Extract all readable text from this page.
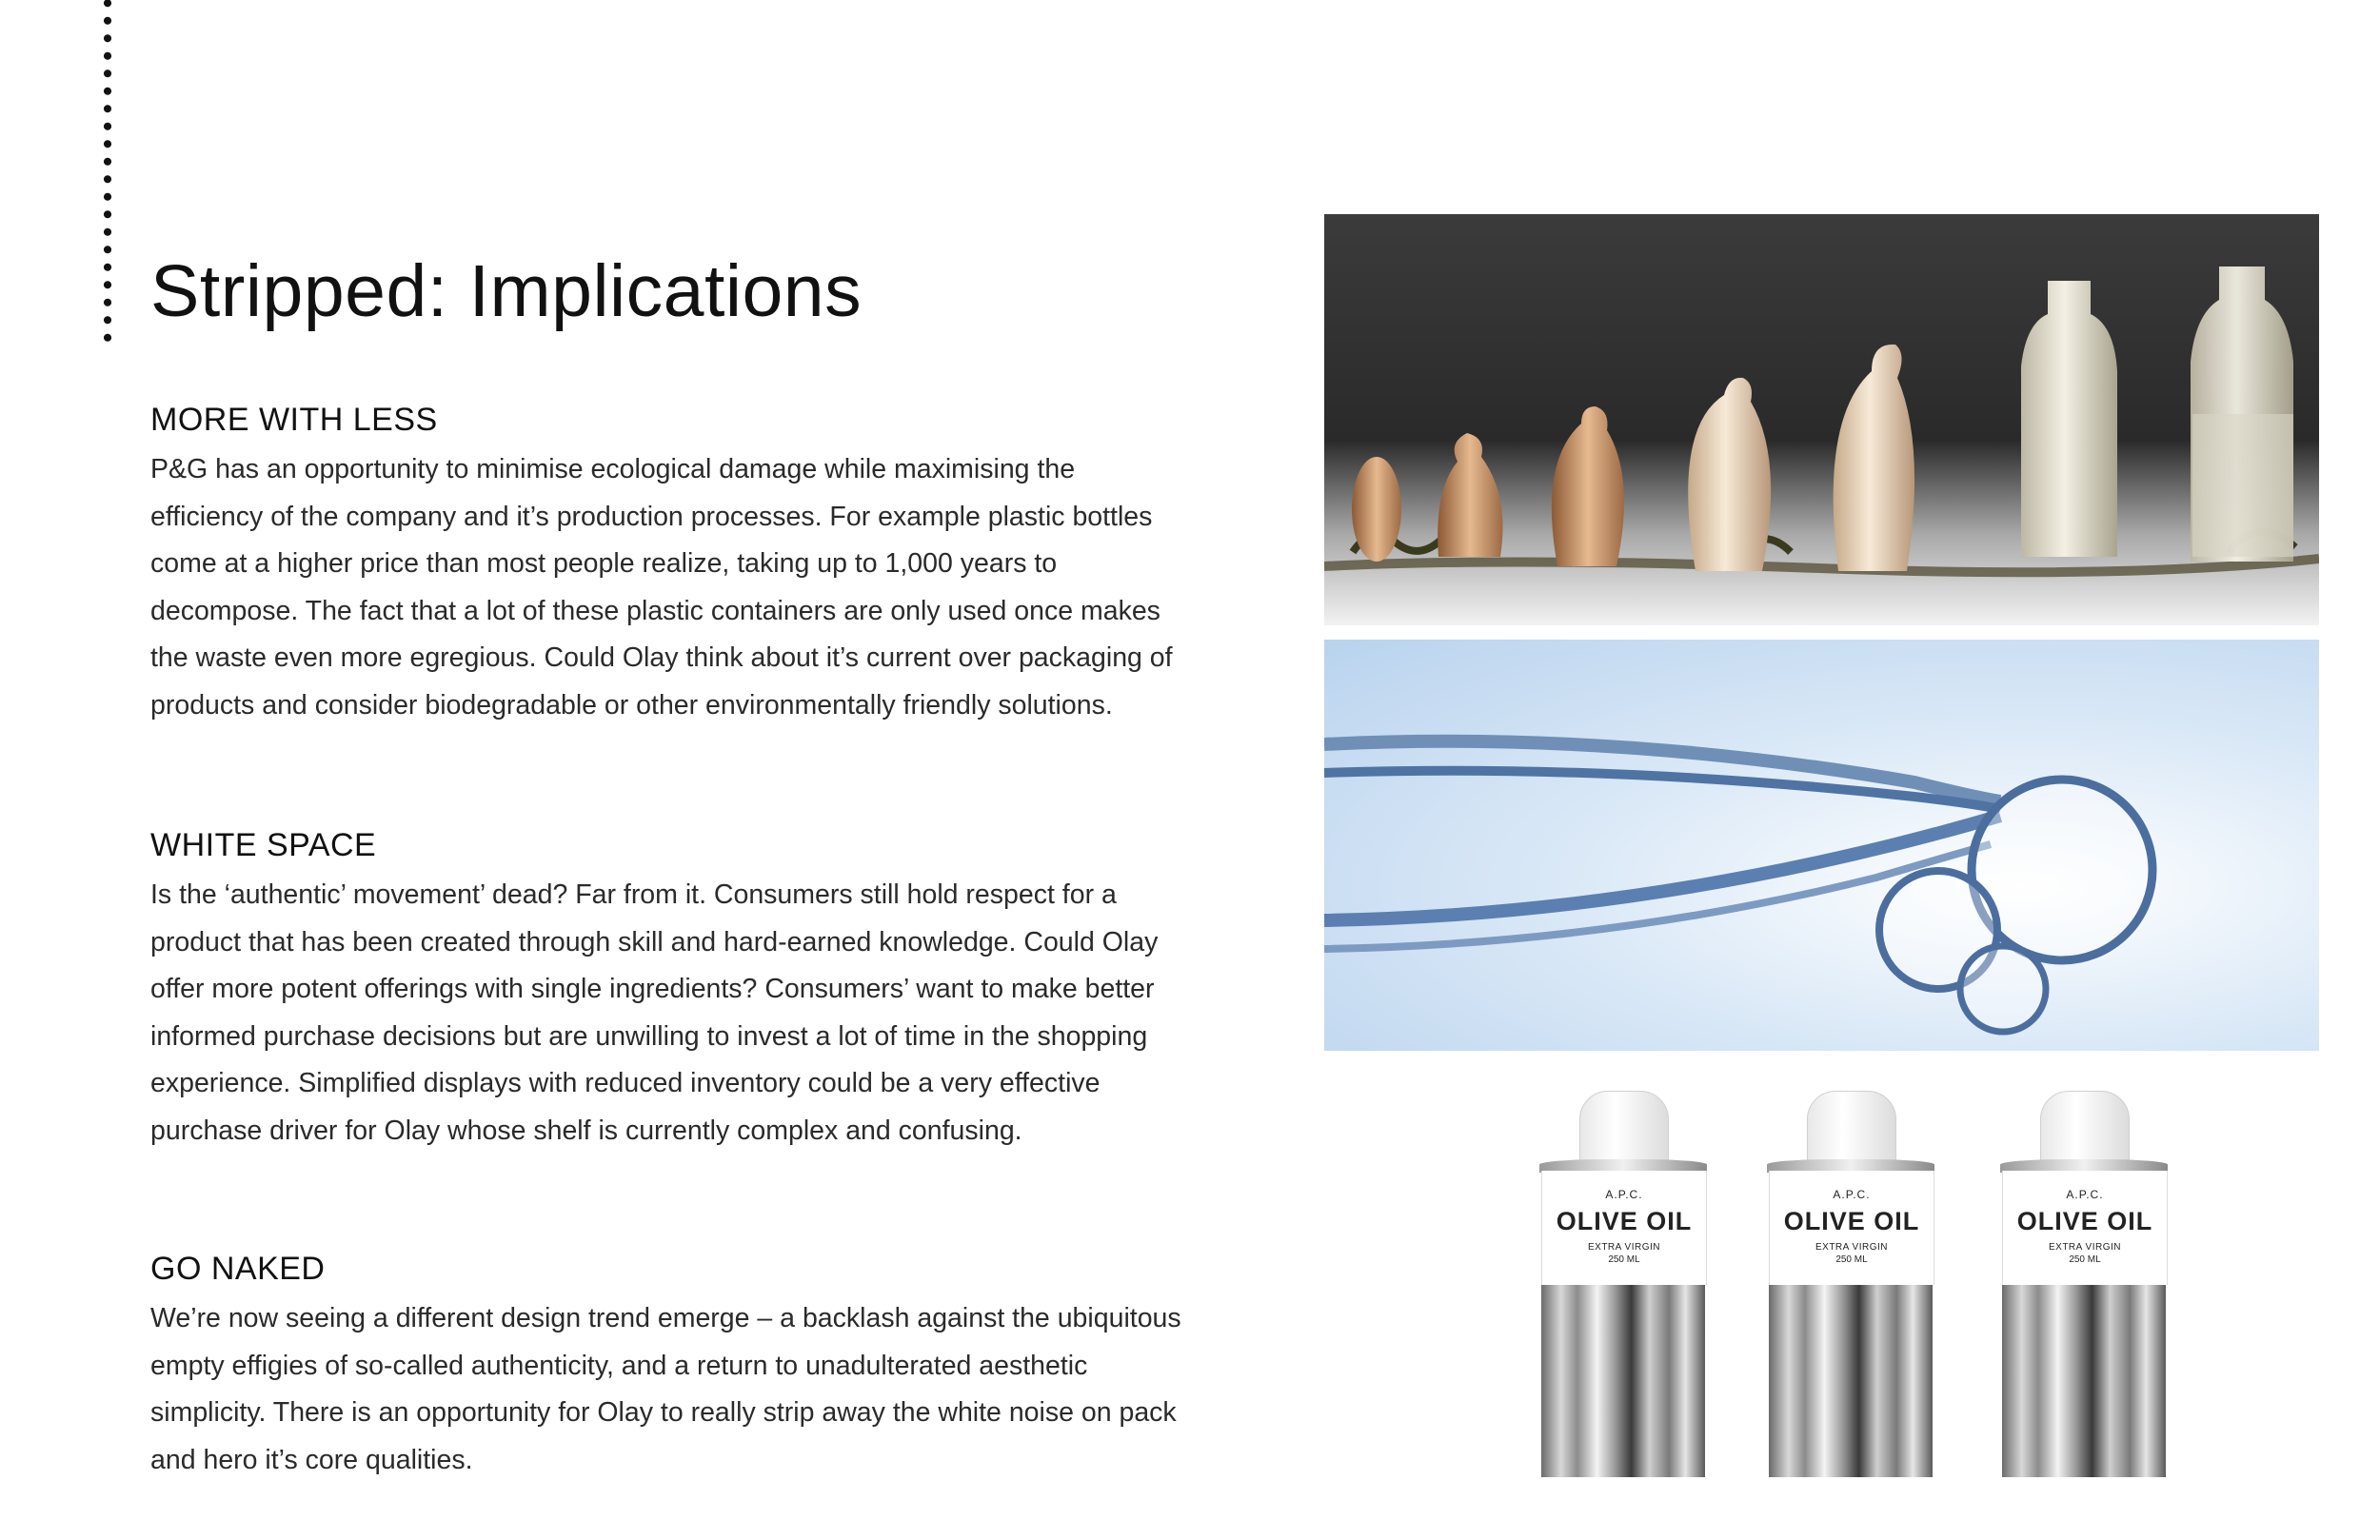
Stripped: Implications
MORE WITH LESS

P&G has an opportunity to minimise ecological damage while maximising the efficiency of the company and it’s production processes. For example plastic bottles come at a higher price than most people realize, taking up to 1,000 years to decompose. The fact that a lot of these plastic containers are only used once makes the waste even more egregious. Could Olay think about it’s current over packaging of products and consider biodegradable or other environmentally friendly solutions.

WHITE SPACE

Is the ‘authentic’ movement’ dead? Far from it. Consumers still hold respect for a product that has been created through skill and hard-earned knowledge. Could Olay offer more potent offerings with single ingredients? Consumers’ want to make better informed purchase decisions but are unwilling to invest a lot of time in the shopping experience. Simplified displays with reduced inventory could be a very effective purchase driver for Olay whose shelf is currently complex and confusing.

GO NAKED

We’re now seeing a different design trend emerge – a backlash against the ubiquitous empty effigies of so-called authenticity, and a return to unadulterated aesthetic simplicity. There is an opportunity for Olay to really strip away the white noise on pack and hero it’s core qualities.

A.P.C.
OLIVE OIL
EXTRA VIRGIN
250 ML
A.P.C.
OLIVE OIL
EXTRA VIRGIN
250 ML
A.P.C.
OLIVE OIL
EXTRA VIRGIN
250 ML
